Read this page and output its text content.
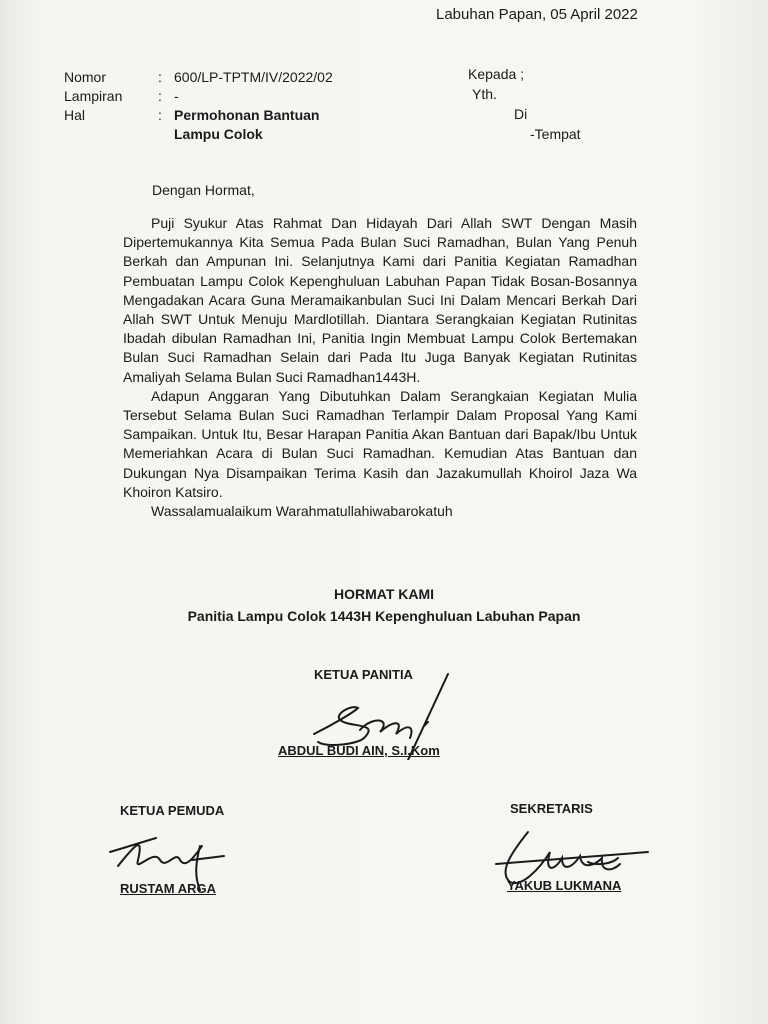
Labuhan Papan, 05 April 2022
Nomor	: 600/LP-TPTM/IV/2022/02
Lampiran	: -
Hal	: Permohonan Bantuan
Lampu Colok
Kepada ;
Yth.
Di
-Tempat
Dengan Hormat,

Puji Syukur Atas Rahmat Dan Hidayah Dari Allah SWT Dengan Masih Dipertemukannya Kita Semua Pada Bulan Suci Ramadhan, Bulan Yang Penuh Berkah dan Ampunan Ini. Selanjutnya Kami dari Panitia Kegiatan Ramadhan Pembuatan Lampu Colok Kepenghuluan Labuhan Papan Tidak Bosan-Bosannya Mengadakan Acara Guna Meramaikanbulan Suci Ini Dalam Mencari Berkah Dari Allah SWT Untuk Menuju Mardlotillah. Diantara Serangkaian Kegiatan Rutinitas Ibadah dibulan Ramadhan Ini, Panitia Ingin Membuat Lampu Colok Bertemakan Bulan Suci Ramadhan Selain dari Pada Itu Juga Banyak Kegiatan Rutinitas Amaliyah Selama Bulan Suci Ramadhan1443H.

Adapun Anggaran Yang Dibutuhkan Dalam Serangkaian Kegiatan Mulia Tersebut Selama Bulan Suci Ramadhan Terlampir Dalam Proposal Yang Kami Sampaikan. Untuk Itu, Besar Harapan Panitia Akan Bantuan dari Bapak/Ibu Untuk Memeriahkan Acara di Bulan Suci Ramadhan. Kemudian Atas Bantuan dan Dukungan Nya Disampaikan Terima Kasih dan Jazakumullah Khoirol Jaza Wa Khoiron Katsiro.

Wassalamualaikum Warahmatullahiwabarokatuh

HORMAT KAMI
Panitia Lampu Colok 1443H Kepenghuluan Labuhan Papan
KETUA PANITIA
ABDUL BUDI AIN, S.I.Kom
KETUA PEMUDA
RUSTAM ARGA
SEKRETARIS
YAKUB LUKMANA
